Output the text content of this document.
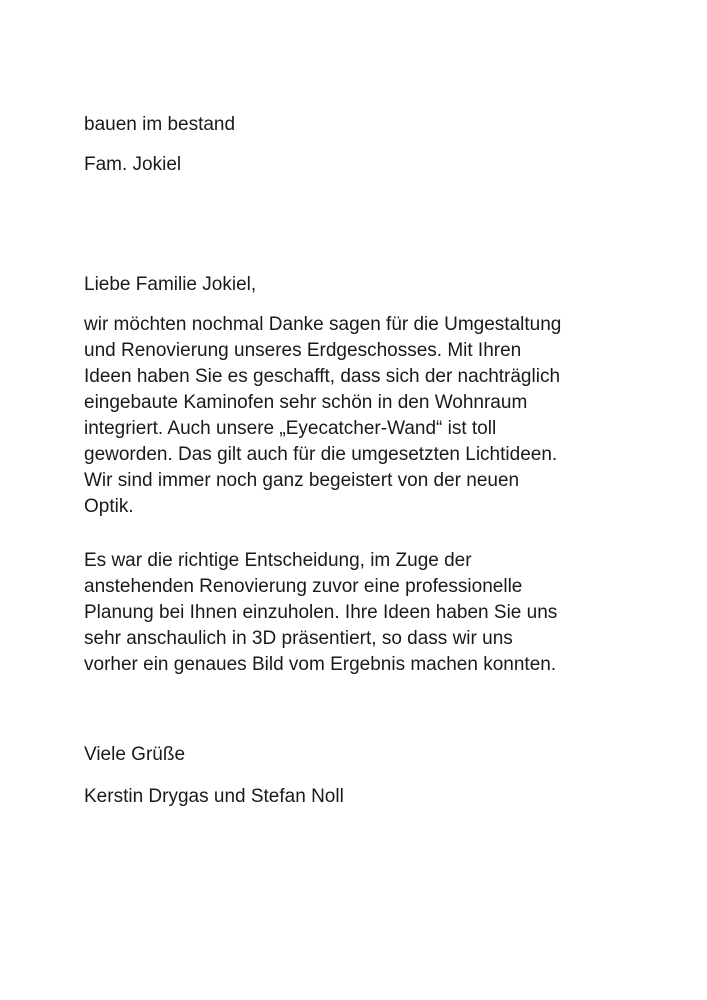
bauen im bestand

Fam. Jokiel

Liebe Familie Jokiel,

wir möchten nochmal Danke sagen für die Umgestaltung
und Renovierung unseres Erdgeschosses. Mit Ihren
Ideen haben Sie es geschafft, dass sich der nachträglich
eingebaute Kaminofen sehr schön in den Wohnraum
integriert. Auch unsere „Eyecatcher-Wand“ ist toll
geworden. Das gilt auch für die umgesetzten Lichtideen.
Wir sind immer noch ganz begeistert von der neuen
Optik.
Es war die richtige Entscheidung, im Zuge der
anstehenden Renovierung zuvor eine professionelle
Planung bei Ihnen einzuholen. Ihre Ideen haben Sie uns
sehr anschaulich in 3D präsentiert, so dass wir uns
vorher ein genaues Bild vom Ergebnis machen konnten.

Viele Grüße

Kerstin Drygas und Stefan Noll
